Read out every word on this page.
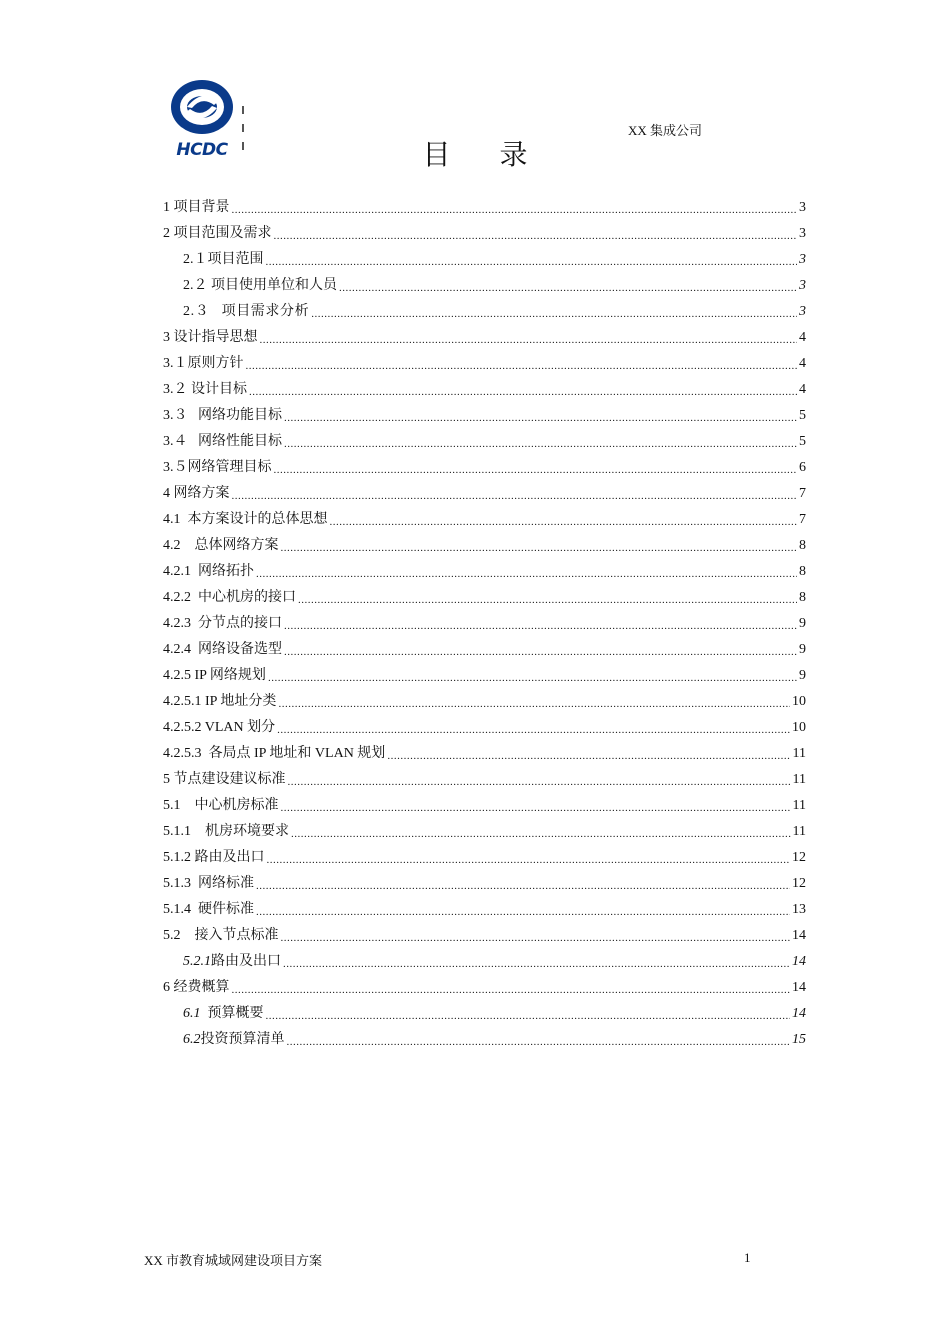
HCDC
XX 集成公司
目 录
1 项目背景 .....	3
2 项目范围及需求 .....	3
2.１项目范围 .....	3
2.２ 项目使用单位和人员 .....	3
2.３   项目需求分析 .....	3
3 设计指导思想 .....	4
3.１原则方针 .....	4
3.２ 设计目标 .....	4
3.３   网络功能目标 .....	5
3.４   网络性能目标 .....	5
3.５网络管理目标 .....	6
4 网络方案 .....	7
4.1  本方案设计的总体思想 .....	7
4.2    总体网络方案 .....	8
4.2.1  网络拓扑 .....	8
4.2.2  中心机房的接口 .....	8
4.2.3  分节点的接口 .....	9
4.2.4  网络设备选型 .....	9
4.2.5 IP 网络规划 .....	9
4.2.5.1 IP 地址分类 .....	10
4.2.5.2 VLAN 划分 .....	10
4.2.5.3  各局点 IP 地址和 VLAN 规划 .....	11
5 节点建设建议标准 .....	11
5.1    中心机房标准 .....	11
5.1.1    机房环境要求 .....	11
5.1.2 路由及出口 .....	12
5.1.3  网络标准 .....	12
5.1.4  硬件标准 .....	13
5.2    接入节点标准 .....	14
5.2.1路由及出口 .....	14
6 经费概算 .....	14
6.1  预算概要 .....	14
6.2投资预算清单 .....	15
XX 市教育城域网建设项目方案	1
